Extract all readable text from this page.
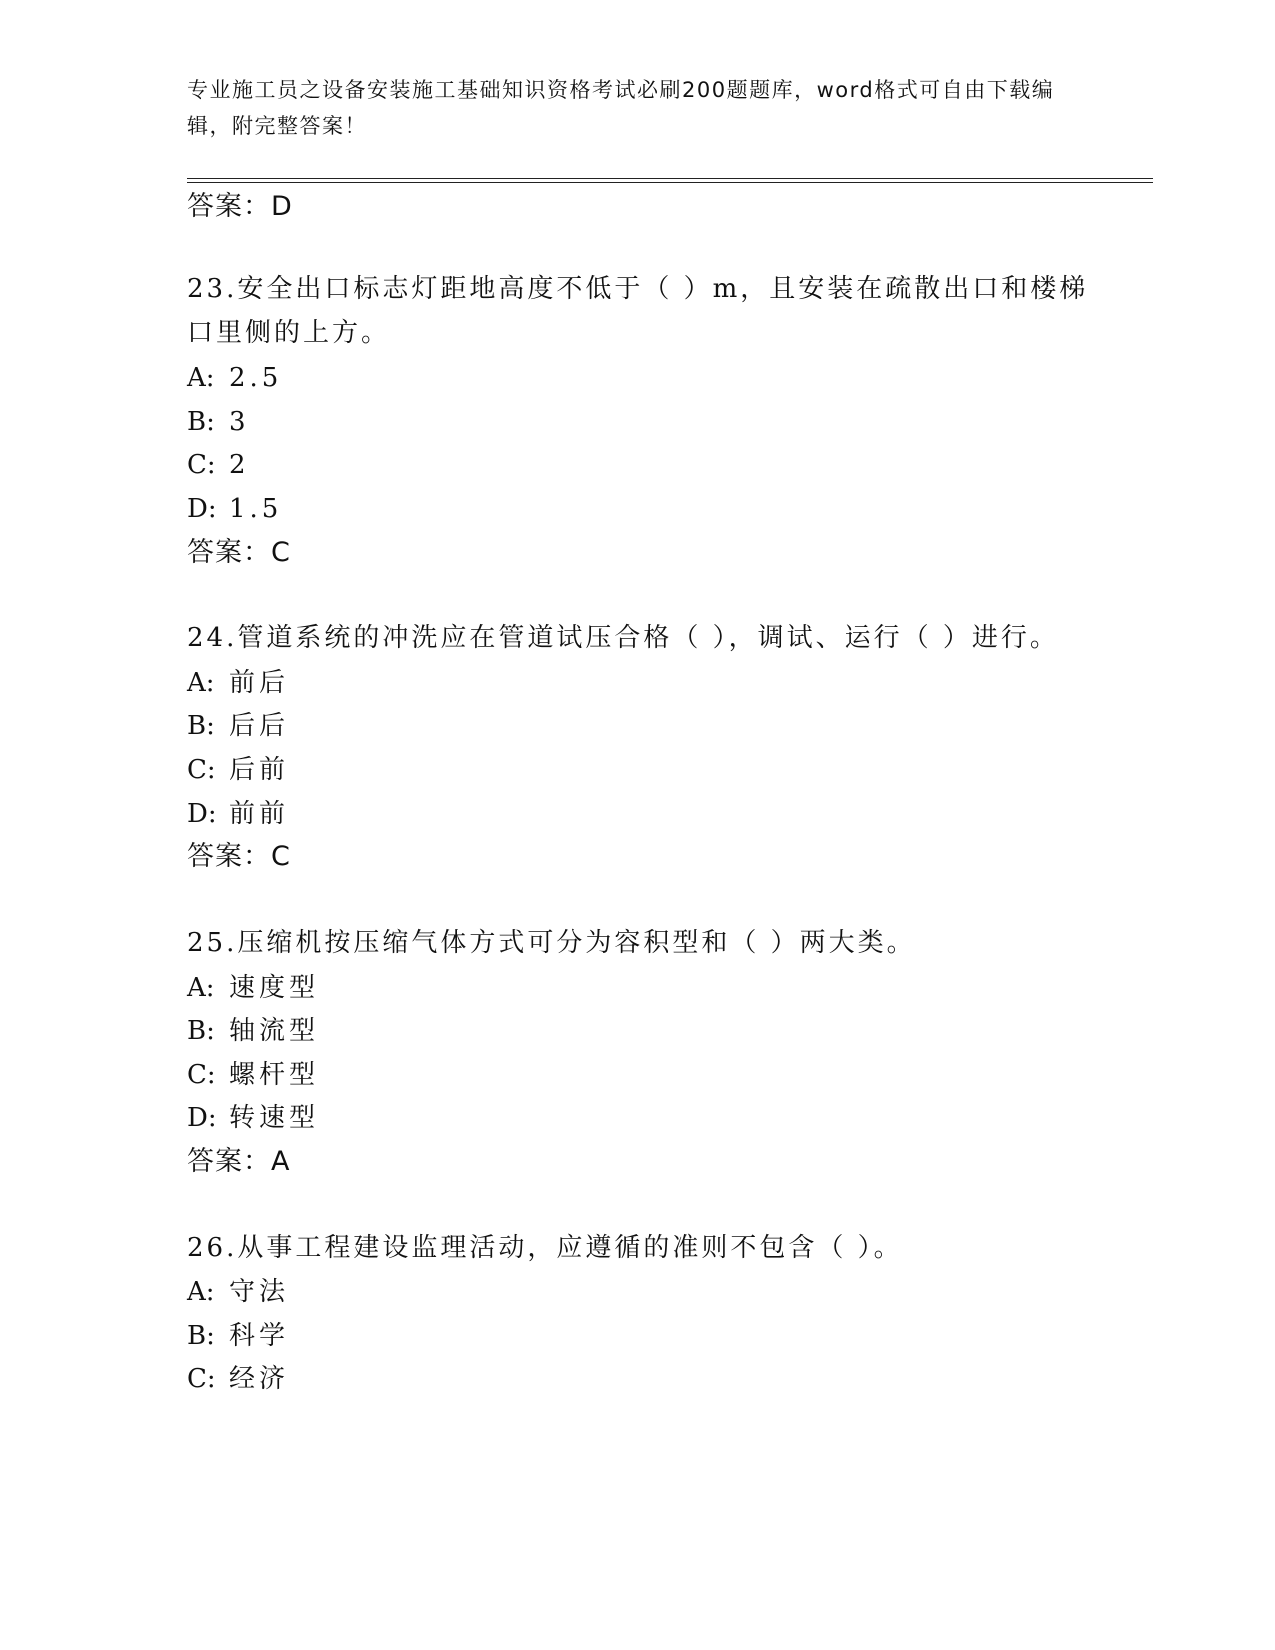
专业施工员之设备安装施工基础知识资格考试必刷200题题库，word格式可自由下载编辑，附完整答案！
答案：D
23.安全出口标志灯距地高度不低于（ ）m，且安装在疏散出口和楼梯
口里侧的上方。
A: 2.5
B: 3
C: 2
D: 1.5
答案：C
24.管道系统的冲洗应在管道试压合格（ ），调试、运行（ ）进行。
A: 前后
B: 后后
C: 后前
D: 前前
答案：C
25.压缩机按压缩气体方式可分为容积型和（ ）两大类。
A: 速度型
B: 轴流型
C: 螺杆型
D: 转速型
答案：A
26.从事工程建设监理活动，应遵循的准则不包含（ ）。
A: 守法
B: 科学
C: 经济
